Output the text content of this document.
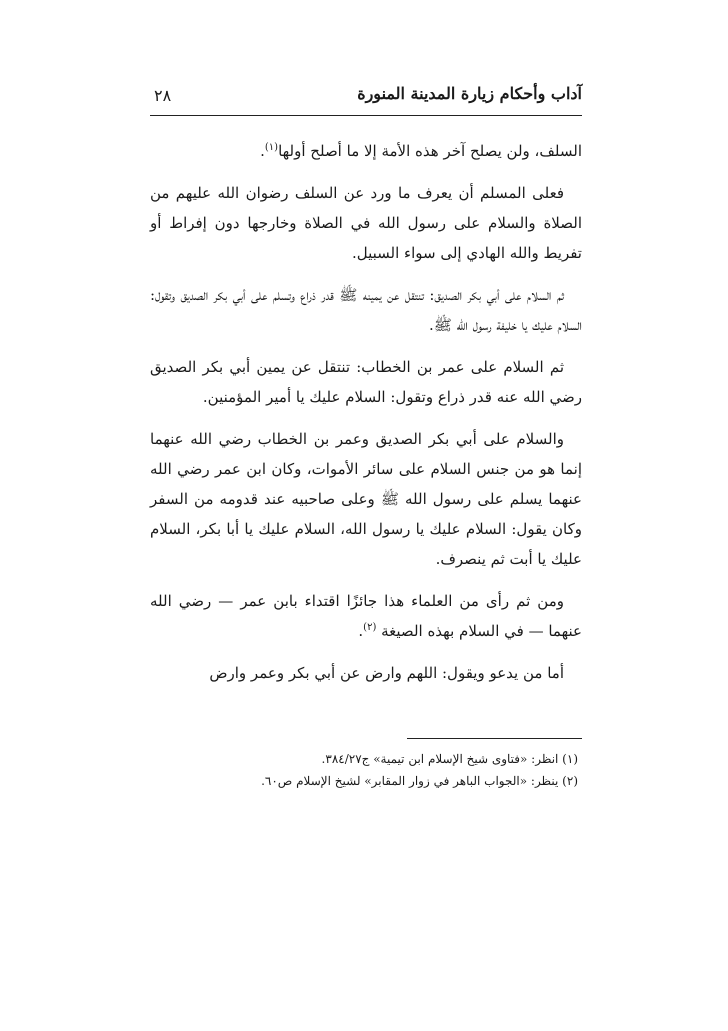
آداب وأحكام زيارة المدينة المنورة
٢٨

السلف، ولن يصلح آخر هذه الأمة إلا ما أصلح أولها$^{(١)}$.

فعلى المسلم أن يعرف ما ورد عن السلف رضوان الله عليهم من الصلاة والسلام على رسول الله في الصلاة وخارجها دون إفراط أو تفريط والله الهادي إلى سواء السبيل.

ثم السلام على أبي بكر الصديق: تنتقل عن يمينه ﷺ قدر ذراع وتسلم على أبي بكر الصديق وتقول: السلام عليك يا خليفة رسول الله ﷺ.

ثم السلام على عمر بن الخطاب: تنتقل عن يمين أبي بكر الصديق رضي الله عنه قدر ذراع وتقول: السلام عليك يا أمير المؤمنين.

والسلام على أبي بكر الصديق وعمر بن الخطاب رضي الله عنهما إنما هو من جنس السلام على سائر الأموات، وكان ابن عمر رضي الله عنهما يسلم على رسول الله ﷺ وعلى صاحبيه عند قدومه من السفر وكان يقول: السلام عليك يا رسول الله، السلام عليك يا أبا بكر، السلام عليك يا أبت ثم ينصرف.

ومن ثم رأى من العلماء هذا جائزًا اقتداء بابن عمر — رضي الله عنهما — في السلام بهذه الصيغة $^{(٢)}$.

أما من يدعو ويقول: اللهم وارض عن أبي بكر وعمر وارض

(١) انظر: «فتاوى شيخ الإسلام ابن تيمية» ج٣٨٤/٢٧.
(٢) ينظر: «الجواب الباهر في زوار المقابر» لشيخ الإسلام ص٦٠.
